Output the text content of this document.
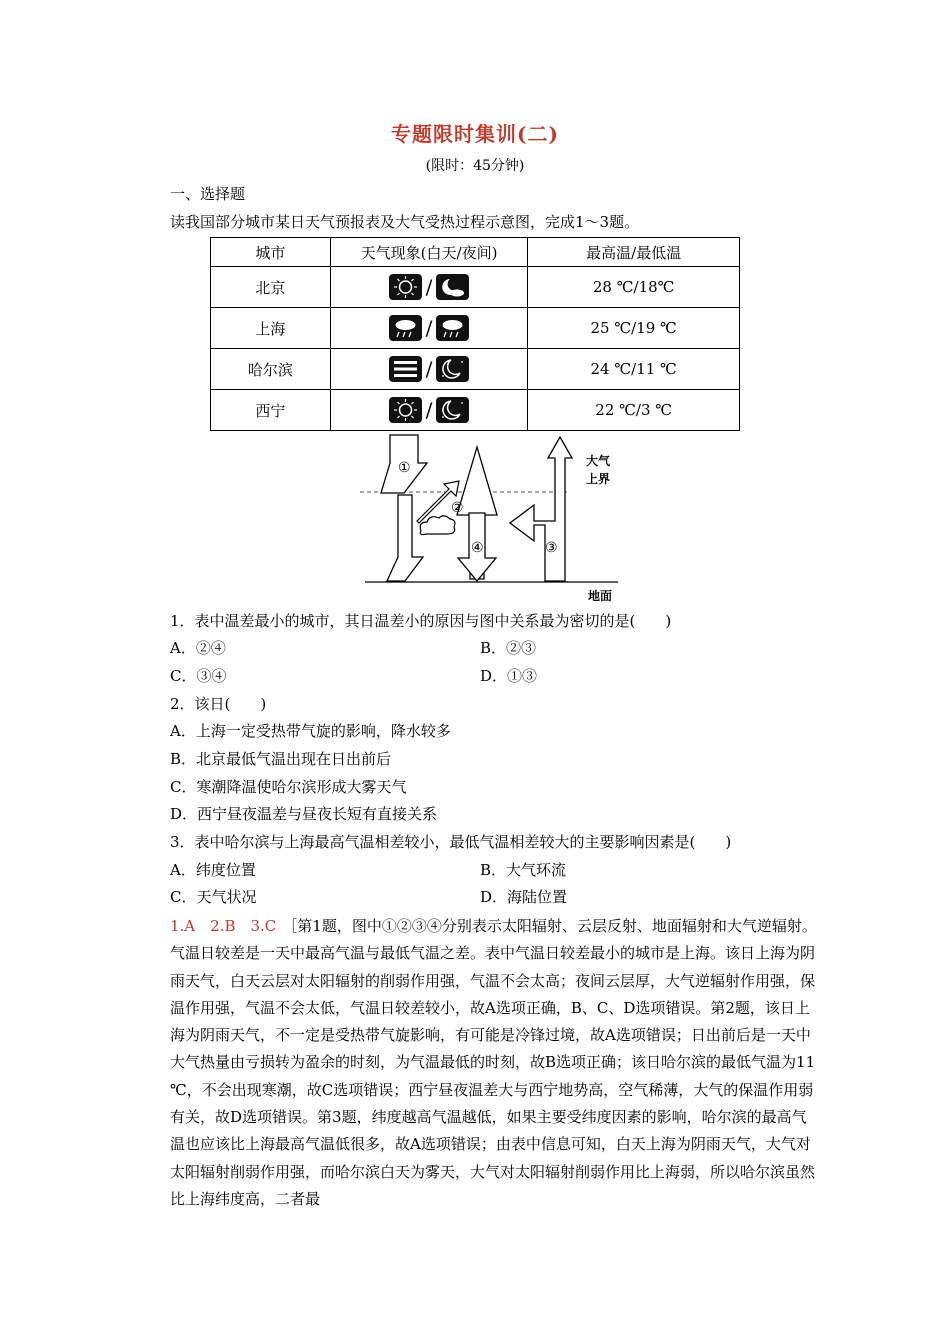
专题限时集训(二)
(限时：45分钟)
一、选择题
读我国部分城市某日天气预报表及大气受热过程示意图，完成1～3题。
城市	天气现象(白天/夜间)	最高温/最低温
北京	/	28 ℃/18℃
上海	/	25 ℃/19 ℃
哈尔滨	/	24 ℃/11 ℃
西宁	/	22 ℃/3 ℃
①
②
③
④
大气
上界
地面
1．表中温差最小的城市，其日温差小的原因与图中关系最为密切的是(　　)
A．②④	B．②③
C．③④	D．①③
2．该日(　　)
A．上海一定受热带气旋的影响，降水较多
B．北京最低气温出现在日出前后
C．寒潮降温使哈尔滨形成大雾天气
D．西宁昼夜温差与昼夜长短有直接关系
3．表中哈尔滨与上海最高气温相差较小，最低气温相差较大的主要影响因素是(　　)
A．纬度位置	B．大气环流
C．天气状况	D．海陆位置
1.A　2.B　3.C ［第1题，图中①②③④分别表示太阳辐射、云层反射、地面辐射和大气逆辐射。气温日较差是一天中最高气温与最低气温之差。表中气温日较差最小的城市是上海。该日上海为阴雨天气，白天云层对太阳辐射的削弱作用强，气温不会太高；夜间云层厚，大气逆辐射作用强，保温作用强，气温不会太低，气温日较差较小，故A选项正确，B、C、D选项错误。第2题，该日上海为阴雨天气，不一定是受热带气旋影响，有可能是冷锋过境，故A选项错误；日出前后是一天中大气热量由亏损转为盈余的时刻，为气温最低的时刻，故B选项正确；该日哈尔滨的最低气温为11 ℃，不会出现寒潮，故C选项错误；西宁昼夜温差大与西宁地势高，空气稀薄，大气的保温作用弱有关，故D选项错误。第3题，纬度越高气温越低，如果主要受纬度因素的影响，哈尔滨的最高气温也应该比上海最高气温低很多，故A选项错误；由表中信息可知，白天上海为阴雨天气，大气对太阳辐射削弱作用强，而哈尔滨白天为雾天，大气对太阳辐射削弱作用比上海弱，所以哈尔滨虽然比上海纬度高，二者最
